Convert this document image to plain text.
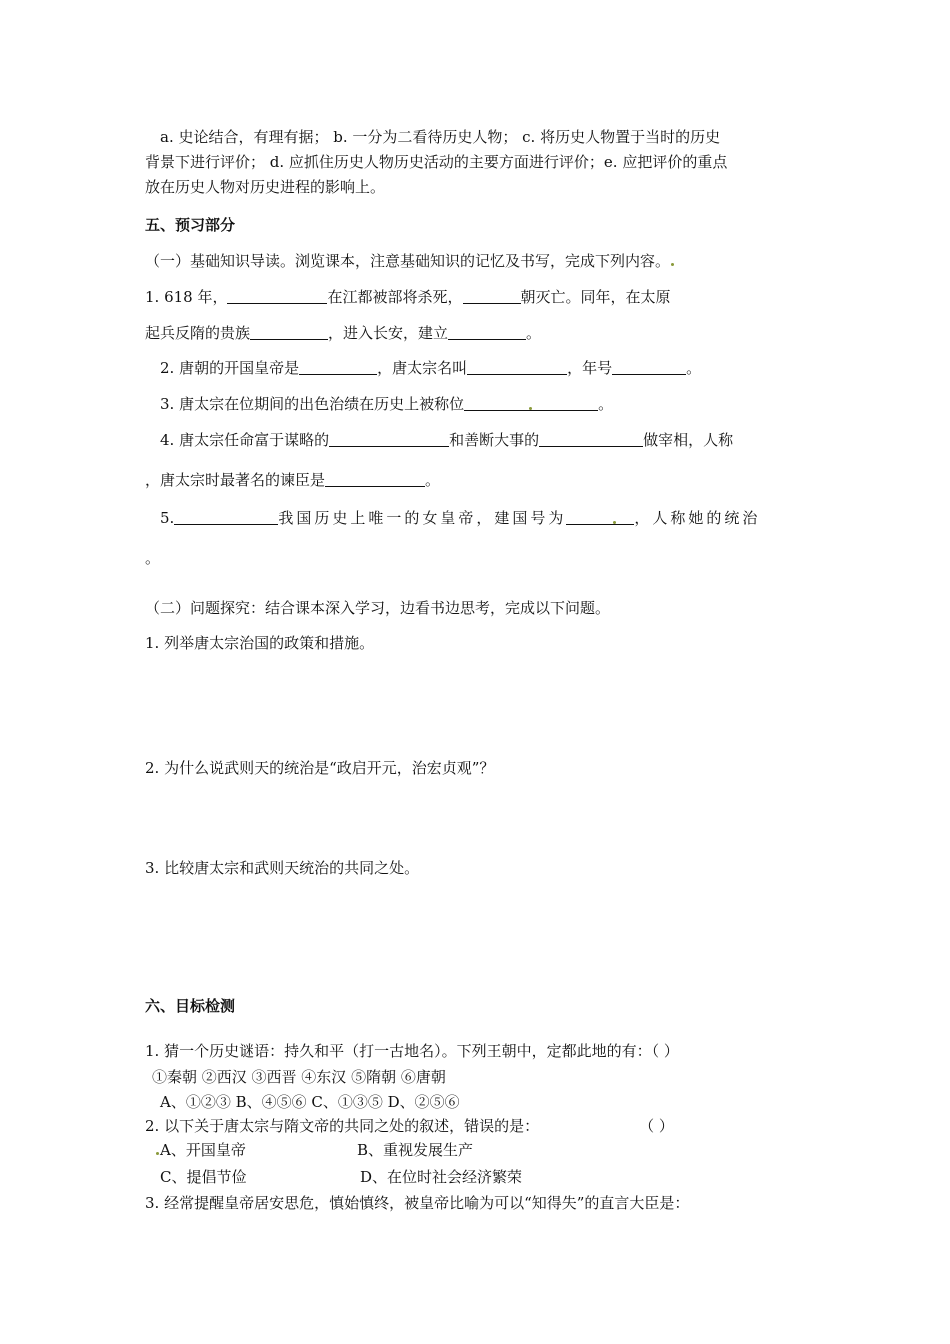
a. 史论结合，有理有据； b. 一分为二看待历史人物； c. 将历史人物置于当时的历史
背景下进行评价； d. 应抓住历史人物历史活动的主要方面进行评价；e. 应把评价的重点
放在历史人物对历史进程的影响上。
五、预习部分
（一）基础知识导读。浏览课本，注意基础知识的记忆及书写，完成下列内容。
1. 618 年，	在江都被部将杀死，	朝灭亡。同年，在太原
起兵反隋的贵族	，进入长安，建立	。
2. 唐朝的开国皇帝是	，唐太宗名叫	，年号	。
3. 唐太宗在位期间的出色治绩在历史上被称位	。
4. 唐太宗任命富于谋略的	和善断大事的	做宰相，人称
，唐太宗时最著名的谏臣是	。
5.	我国历史上唯一的女皇帝，建国号为	，人称她的统治
。
（二）问题探究：结合课本深入学习，边看书边思考，完成以下问题。
1. 列举唐太宗治国的政策和措施。
2. 为什么说武则天的统治是“政启开元，治宏贞观”？
3. 比较唐太宗和武则天统治的共同之处。
六、目标检测
1. 猜一个历史谜语：持久和平（打一古地名）。下列王朝中，定都此地的有：（ ）
①秦朝 ②西汉 ③西晋 ④东汉 ⑤隋朝 ⑥唐朝
A、①②③ B、④⑤⑥ C、①③⑤ D、②⑤⑥
2. 以下关于唐太宗与隋文帝的共同之处的叙述，错误的是：	（ ）
A、开国皇帝	B、重视发展生产
C、提倡节俭	D、在位时社会经济繁荣
3. 经常提醒皇帝居安思危，慎始慎终，被皇帝比喻为可以“知得失”的直言大臣是：
